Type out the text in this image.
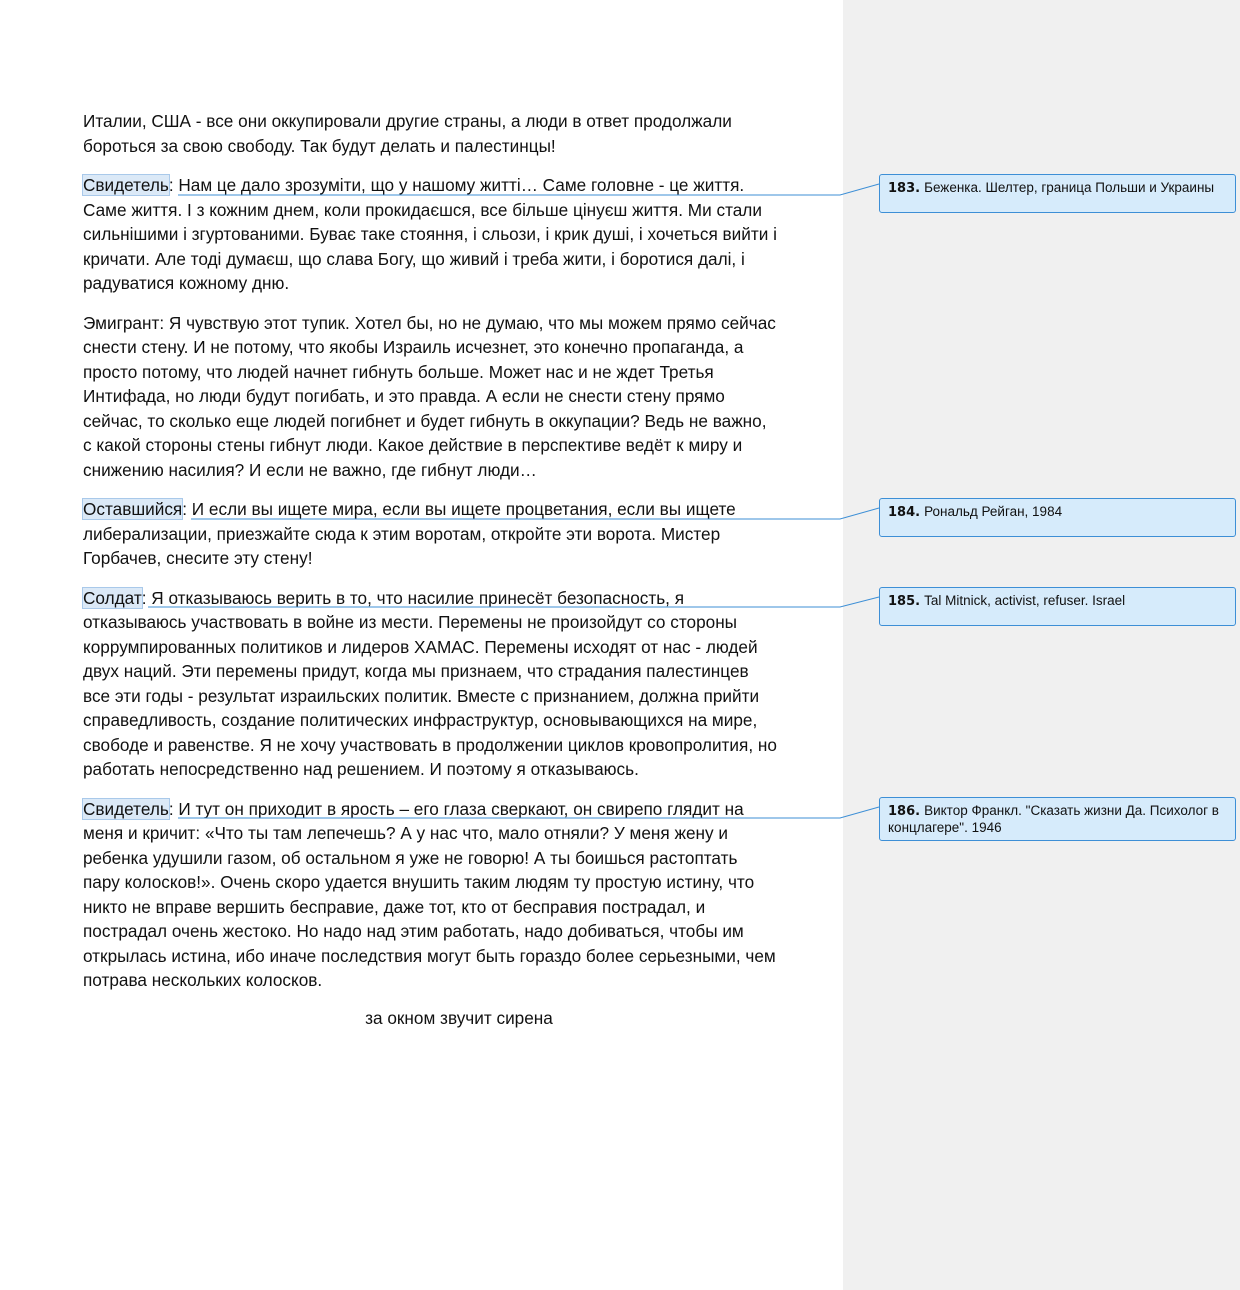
Италии, США - все они оккупировали другие страны, а люди в ответ продолжали
бороться за свою свободу. Так будут делать и палестинцы!

Свидетель: Нам це дало зрозуміти, що у нашому житті… Саме головне - це життя.
Саме життя. І з кожним днем, коли прокидаєшся, все більше цінуєш життя. Ми стали
сильнішими і згуртованими. Буває таке стояння, і сльози, і крик душі, і хочеться вийти і
кричати. Але тоді думаєш, що слава Богу, що живий і треба жити, і боротися далі, і
радуватися кожному дню.

Эмигрант: Я чувствую этот тупик. Хотел бы, но не думаю, что мы можем прямо сейчас
снести стену. И не потому, что якобы Израиль исчезнет, это конечно пропаганда, а
просто потому, что людей начнет гибнуть больше. Может нас и не ждет Третья
Интифада, но люди будут погибать, и это правда. А если не снести стену прямо
сейчас, то сколько еще людей погибнет и будет гибнуть в оккупации? Ведь не важно,
с какой стороны стены гибнут люди. Какое действие в перспективе ведёт к миру и
снижению насилия? И если не важно, где гибнут люди…

Оставшийся: И если вы ищете мира, если вы ищете процветания, если вы ищете
либерализации, приезжайте сюда к этим воротам, откройте эти ворота. Мистер
Горбачев, снесите эту стену!

Солдат: Я отказываюсь верить в то, что насилие принесёт безопасность, я
отказываюсь участвовать в войне из мести. Перемены не произойдут со стороны
коррумпированных политиков и лидеров ХАМАС. Перемены исходят от нас - людей
двух наций. Эти перемены придут, когда мы признаем, что страдания палестинцев
все эти годы - результат израильских политик. Вместе с признанием, должна прийти
справедливость, создание политических инфраструктур, основывающихся на мире,
свободе и равенстве. Я не хочу участвовать в продолжении циклов кровопролития, но
работать непосредственно над решением. И поэтому я отказываюсь.

Свидетель: И тут он приходит в ярость – его глаза сверкают, он свирепо глядит на
меня и кричит: «Что ты там лепечешь? А у нас что, мало отняли? У меня жену и
ребенка удушили газом, об остальном я уже не говорю! А ты боишься растоптать
пару колосков!». Очень скоро удается внушить таким людям ту простую истину, что
никто не вправе вершить бесправие, даже тот, кто от бесправия пострадал, и
пострадал очень жестоко. Но надо над этим работать, надо добиваться, чтобы им
открылась истина, ибо иначе последствия могут быть гораздо более серьезными, чем
потрава нескольких колосков.

за окном звучит сирена
183. Беженка. Шелтер, граница Польши и Украины
184. Рональд Рейган, 1984
185. Tal Mitnick, activist, refuser. Israel
186. Виктор Франкл. "Сказать жизни Да. Психолог в концлагере". 1946
